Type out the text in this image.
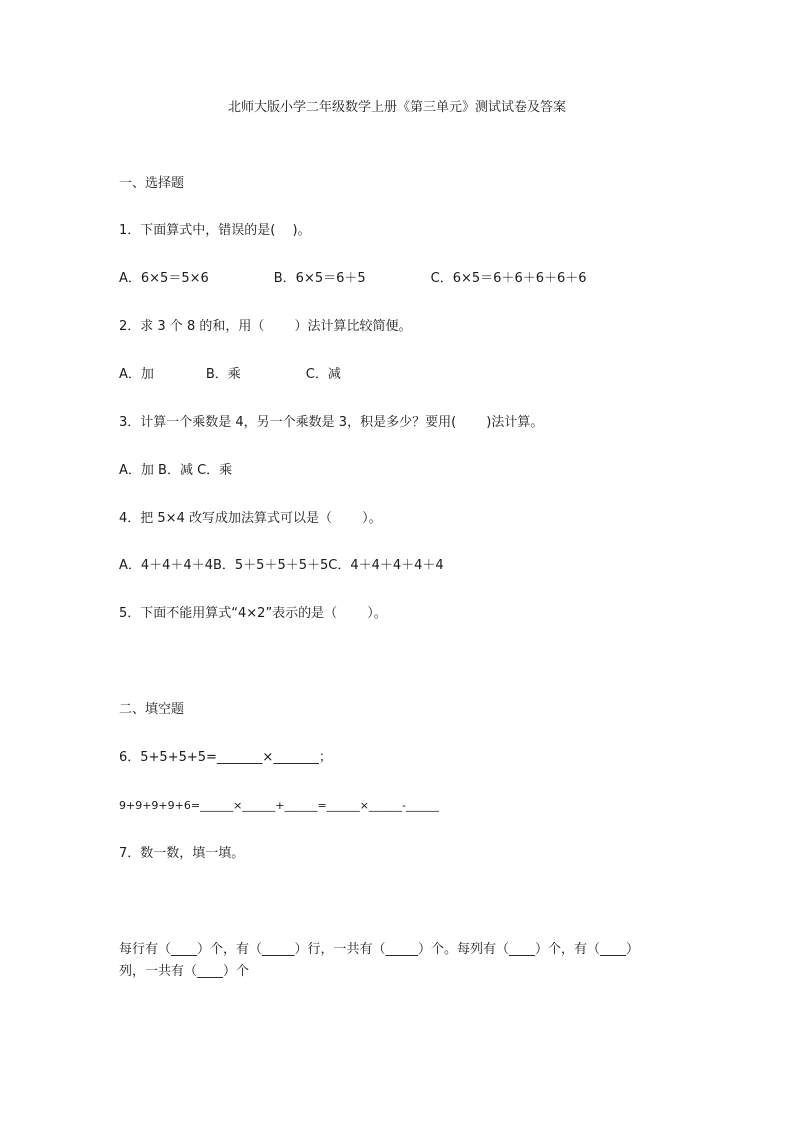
北师大版小学二年级数学上册《第三单元》测试试卷及答案
一、选择题
1．下面算式中，错误的是(　 )。
A．6×5＝5×6　　　　　B．6×5＝6＋5　　　　　C．6×5＝6＋6＋6＋6＋6
2．求 3 个 8 的和，用（　　 ）法计算比较简便。
A．加　　　　B．乘　　　　　C．减
3．计算一个乘数是 4，另一个乘数是 3，积是多少？要用(　 　)法计算。
A．加 B．减 C．乘
4．把 5×4 改写成加法算式可以是（　　 ）。
A．4＋4＋4＋4B．5＋5＋5＋5＋5C．4＋4＋4＋4＋4
5．下面不能用算式“4×2”表示的是（　　 ）。
二、填空题
6．5+5+5+5=_______×_______；
9+9+9+9+6=______×______+______=______×______-______
7．数一数，填一填。
每行有（____）个，有（_____）行，一共有（_____）个。每列有（____）个，有（____）
列，一共有（____）个
